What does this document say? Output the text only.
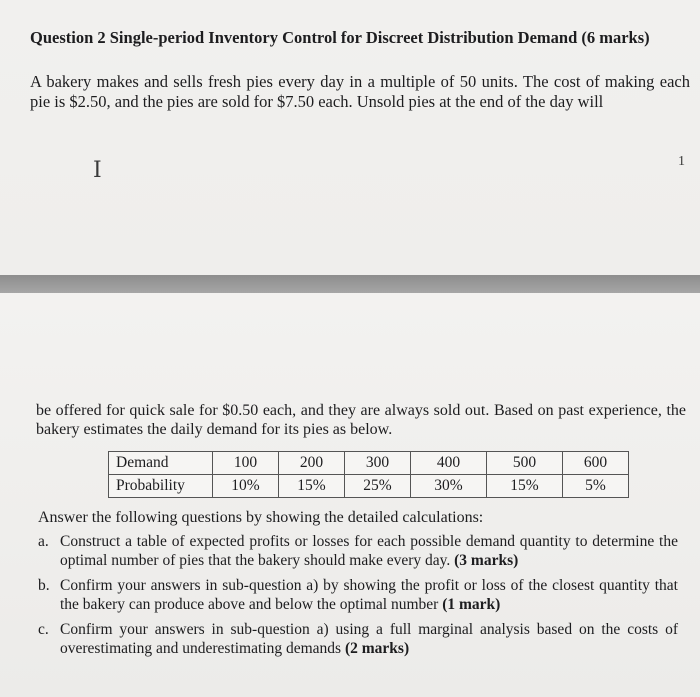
Question 2 Single-period Inventory Control for Discreet Distribution Demand (6 marks)

A bakery makes and sells fresh pies every day in a multiple of 50 units. The cost of making each pie is $2.50, and the pies are sold for $7.50 each. Unsold pies at the end of the day will

I	1

be offered for quick sale for $0.50 each, and they are always sold out. Based on past experience, the bakery estimates the daily demand for its pies as below.

Demand	100	200	300	400	500	600
Probability	10%	15%	25%	30%	15%	5%
Answer the following questions by showing the detailed calculations:
a. Construct a table of expected profits or losses for each possible demand quantity to determine the optimal number of pies that the bakery should make every day. (3 marks)
b. Confirm your answers in sub-question a) by showing the profit or loss of the closest quantity that the bakery can produce above and below the optimal number (1 mark)
c. Confirm your answers in sub-question a) using a full marginal analysis based on the costs of overestimating and underestimating demands (2 marks)
